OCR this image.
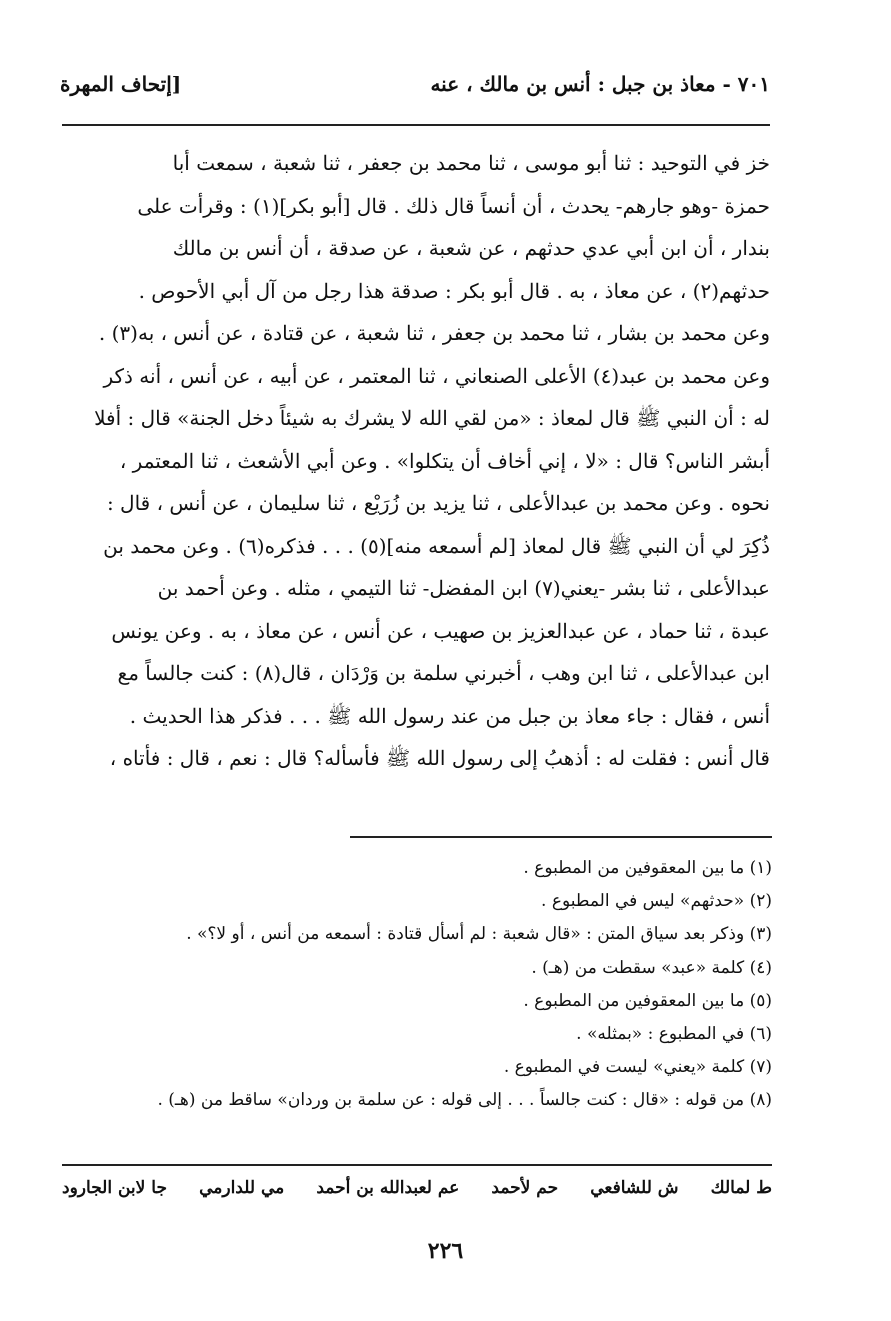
٧٠١ - معاذ بن جبل : أنس بن مالك ، عنه
[إتحاف المهرة
خز في التوحيد : ثنا أبو موسى ، ثنا محمد بن جعفر ، ثنا شعبة ، سمعت أبا
حمزة -وهو جارهم- يحدث ، أن أنساً قال ذلك . قال [أبو بكر](١) : وقرأت على
بندار ، أن ابن أبي عدي حدثهم ، عن شعبة ، عن صدقة ، أن أنس بن مالك
حدثهم(٢) ، عن معاذ ، به . قال أبو بكر : صدقة هذا رجل من آل أبي الأحوص .
وعن محمد بن بشار ، ثنا محمد بن جعفر ، ثنا شعبة ، عن قتادة ، عن أنس ، به(٣) .
وعن محمد بن عبد(٤) الأعلى الصنعاني ، ثنا المعتمر ، عن أبيه ، عن أنس ، أنه ذكر
له : أن النبي ﷺ قال لمعاذ : «من لقي الله لا يشرك به شيئاً دخل الجنة» قال : أفلا
أبشر الناس؟ قال : «لا ، إني أخاف أن يتكلوا» . وعن أبي الأشعث ، ثنا المعتمر ،
نحوه . وعن محمد بن عبدالأعلى ، ثنا يزيد بن زُرَيْع ، ثنا سليمان ، عن أنس ، قال :
ذُكِرَ لي أن النبي ﷺ قال لمعاذ [لم أسمعه منه](٥) . . . فذكره(٦) . وعن محمد بن
عبدالأعلى ، ثنا بشر -يعني(٧) ابن المفضل- ثنا التيمي ، مثله . وعن أحمد بن
عبدة ، ثنا حماد ، عن عبدالعزيز بن صهيب ، عن أنس ، عن معاذ ، به . وعن يونس
ابن عبدالأعلى ، ثنا ابن وهب ، أخبرني سلمة بن وَرْدَان ، قال(٨) : كنت جالساً مع
أنس ، فقال : جاء معاذ بن جبل من عند رسول الله ﷺ . . . فذكر هذا الحديث .
قال أنس : فقلت له : أذهبُ إلى رسول الله ﷺ فأسأله؟ قال : نعم ، قال : فأتاه ،
(١) ما بين المعقوفين من المطبوع .
(٢) «حدثهم» ليس في المطبوع .
(٣) وذكر بعد سياق المتن : «قال شعبة : لم أسأل قتادة : أسمعه من أنس ، أو لا؟» .
(٤) كلمة «عبد» سقطت من (هـ) .
(٥) ما بين المعقوفين من المطبوع .
(٦) في المطبوع : «بمثله» .
(٧) كلمة «يعني» ليست في المطبوع .
(٨) من قوله : «قال : كنت جالساً . . . إلى قوله : عن سلمة بن وردان» ساقط من (هـ) .
ط لمالك
ش للشافعي
حم لأحمد
عم لعبدالله بن أحمد
مي للدارمي
جا لابن الجارود
٢٢٦
